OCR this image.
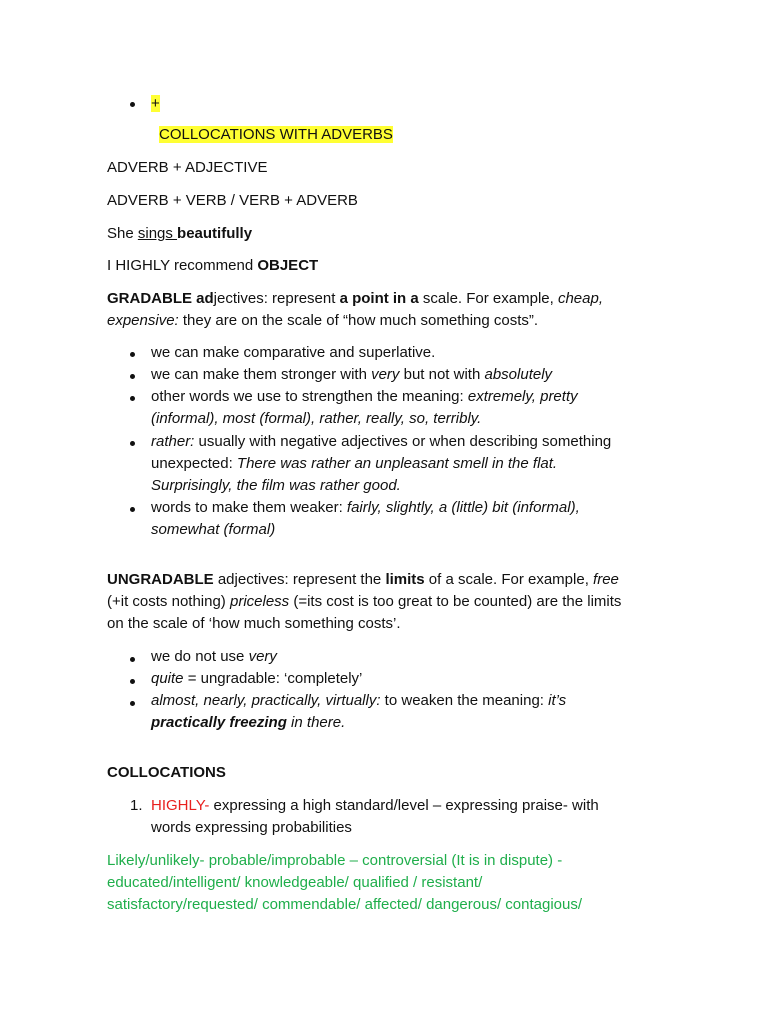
+
COLLOCATIONS WITH ADVERBS
ADVERB + ADJECTIVE
ADVERB + VERB / VERB + ADVERB
She sings beautifully
I HIGHLY recommend OBJECT
GRADABLE adjectives: represent a point in a scale. For example, cheap,
expensive: they are on the scale of “how much something costs”.
we can make comparative and superlative.
we can make them stronger with very but not with absolutely
other words we use to strengthen the meaning: extremely, pretty
(informal), most (formal), rather, really, so, terribly.
rather: usually with negative adjectives or when describing something
unexpected: There was rather an unpleasant smell in the flat.
Surprisingly, the film was rather good.
words to make them weaker: fairly, slightly, a (little) bit (informal),
somewhat (formal)
UNGRADABLE adjectives: represent the limits of a scale. For example, free
(+it costs nothing) priceless (=its cost is too great to be counted) are the limits
on the scale of ‘how much something costs’.
we do not use very
quite = ungradable: ‘completely’
almost, nearly, practically, virtually: to weaken the meaning: it’s
practically freezing in there.
COLLOCATIONS
1. HIGHLY- expressing a high standard/level – expressing praise- with
words expressing probabilities
Likely/unlikely- probable/improbable – controversial (It is in dispute) -
educated/intelligent/ knowledgeable/ qualified / resistant/
satisfactory/requested/ commendable/ affected/ dangerous/ contagious/
